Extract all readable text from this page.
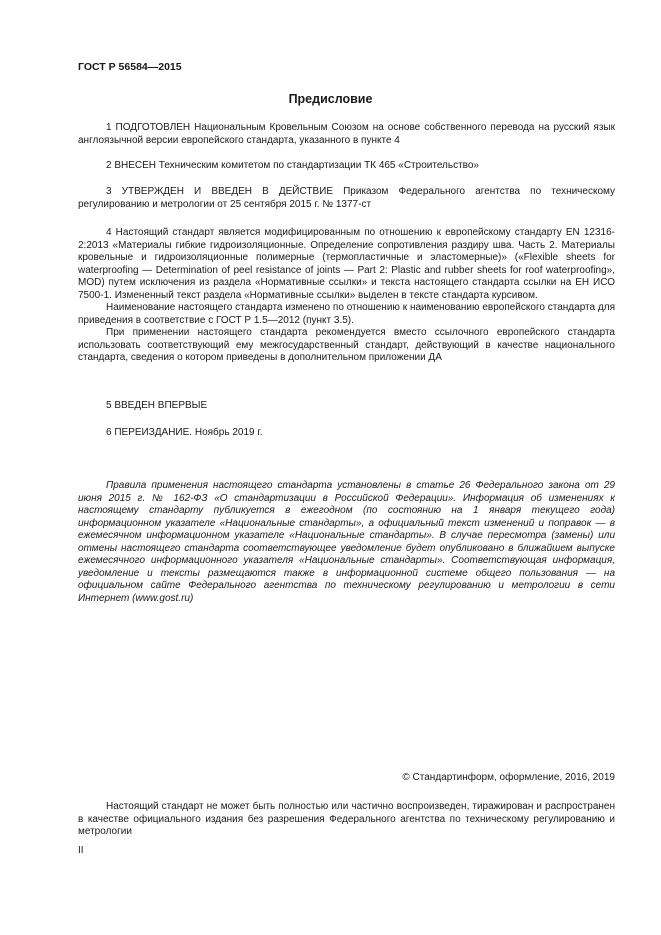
ГОСТ Р 56584—2015
Предисловие

1 ПОДГОТОВЛЕН Национальным Кровельным Союзом на основе собственного перевода на русский язык англоязычной версии европейского стандарта, указанного в пункте 4

2 ВНЕСЕН Техническим комитетом по стандартизации ТК 465 «Строительство»

3 УТВЕРЖДЕН И ВВЕДЕН В ДЕЙСТВИЕ Приказом Федерального агентства по техническому регулированию и метрологии от 25 сентября 2015 г. № 1377-ст

4 Настоящий стандарт является модифицированным по отношению к европейскому стандарту EN 12316-2:2013 «Материалы гибкие гидроизоляционные. Определение сопротивления раздиру шва. Часть 2. Материалы кровельные и гидроизоляционные полимерные (термопластичные и эластомерные)» («Flexible sheets for waterproofing — Determination of peel resistance of joints — Part 2: Plastic and rubber sheets for roof waterproofing», MOD) путем исключения из раздела «Нормативные ссылки» и текста настоящего стандарта ссылки на ЕН ИСО 7500-1. Измененный текст раздела «Нормативные ссылки» выделен в тексте стандарта курсивом.

Наименование настоящего стандарта изменено по отношению к наименованию европейского стандарта для приведения в соответствие с ГОСТ Р 1.5—2012 (пункт 3.5).

При применении настоящего стандарта рекомендуется вместо ссылочного европейского стандарта использовать соответствующий ему межгосударственный стандарт, действующий в качестве национального стандарта, сведения о котором приведены в дополнительном приложении ДА

5 ВВЕДЕН ВПЕРВЫЕ

6 ПЕРЕИЗДАНИЕ. Ноябрь 2019 г.

Правила применения настоящего стандарта установлены в статье 26 Федерального закона от 29 июня 2015 г. № 162-ФЗ «О стандартизации в Российской Федерации». Информация об изменениях к настоящему стандарту публикуется в ежегодном (по состоянию на 1 января текущего года) информационном указателе «Национальные стандарты», а официальный текст изменений и поправок — в ежемесячном информационном указателе «Национальные стандарты». В случае пересмотра (замены) или отмены настоящего стандарта соответствующее уведомление будет опубликовано в ближайшем выпуске ежемесячного информационного указателя «Национальные стандарты». Соответствующая информация, уведомление и тексты размещаются также в информационной системе общего пользования — на официальном сайте Федерального агентства по техническому регулированию и метрологии в сети Интернет (www.gost.ru)

© Стандартинформ, оформление, 2016, 2019

Настоящий стандарт не может быть полностью или частично воспроизведен, тиражирован и распространен в качестве официального издания без разрешения Федерального агентства по техническому регулированию и метрологии

II
